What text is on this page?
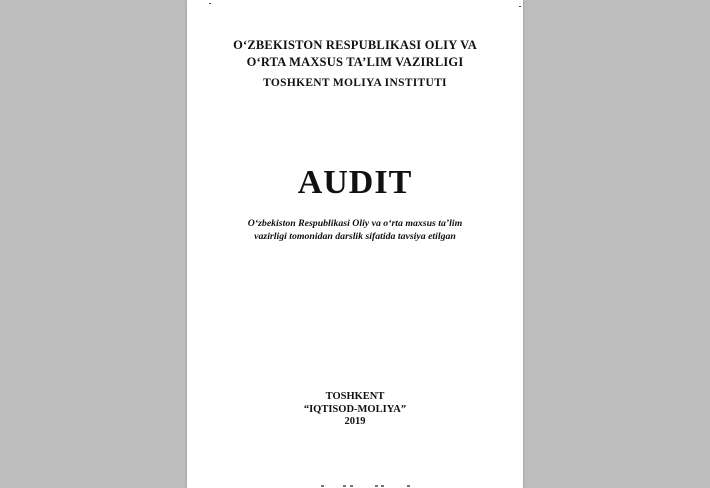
O‘ZBEKISTON RESPUBLIKASI OLIY VA
O‘RTA MAXSUS TA’LIM VAZIRLIGI
TOSHKENT MOLIYA INSTITUTI
AUDIT
O‘zbekiston Respublikasi Oliy va o‘rta maxsus ta’lim
vazirligi tomonidan darslik sifatida tavsiya etilgan
TOSHKENT
“IQTISOD-MOLIYA”
2019
